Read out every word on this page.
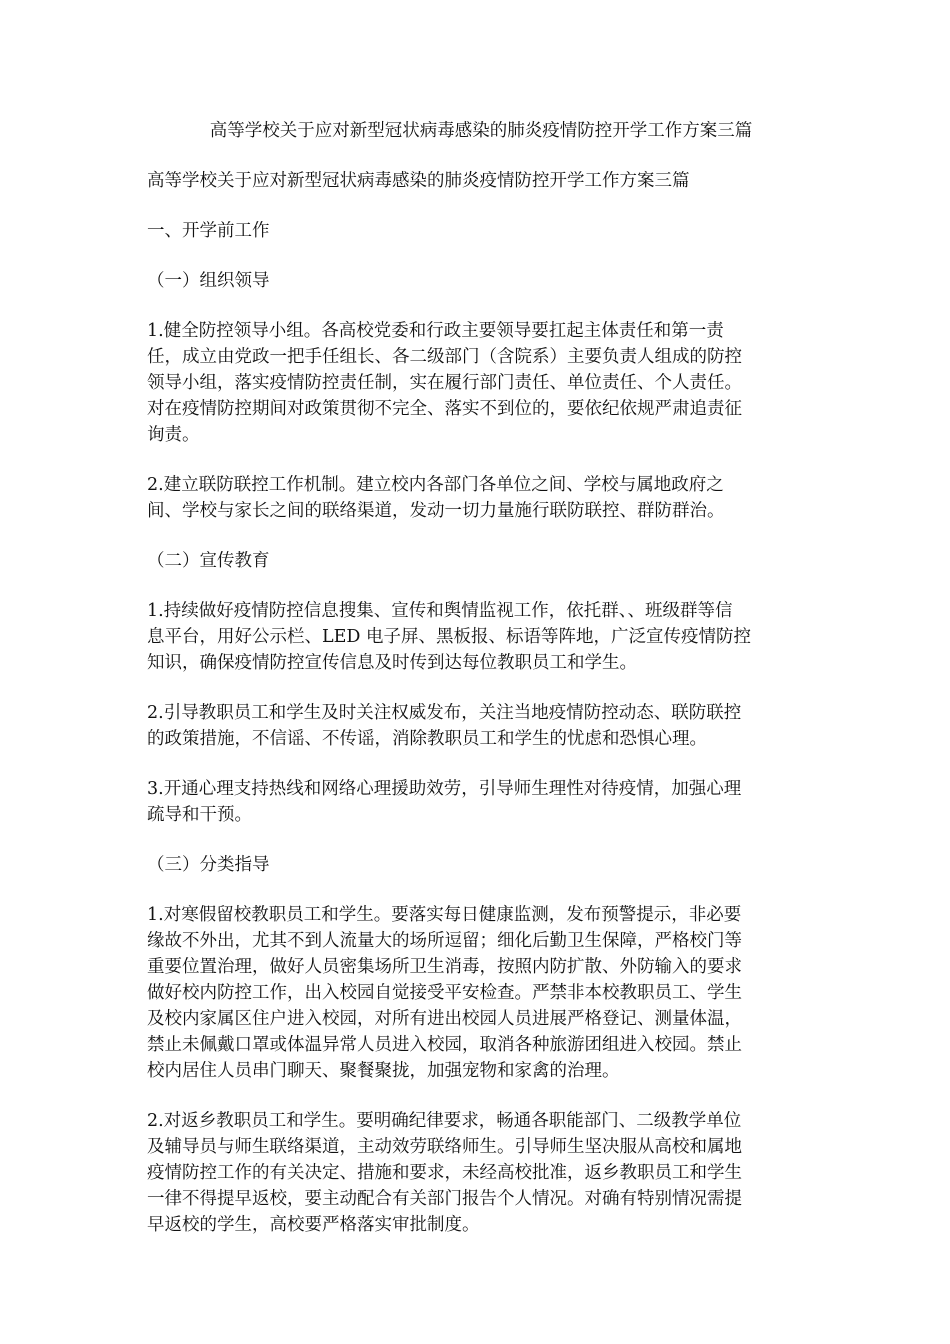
高等学校关于应对新型冠状病毒感染的肺炎疫情防控开学工作方案三篇
高等学校关于应对新型冠状病毒感染的肺炎疫情防控开学工作方案三篇
一、开学前工作
（一）组织领导
1.健全防控领导小组。各高校党委和行政主要领导要扛起主体责任和第一责
任，成立由党政一把手任组长、各二级部门（含院系）主要负责人组成的防控
领导小组，落实疫情防控责任制，实在履行部门责任、单位责任、个人责任。
对在疫情防控期间对政策贯彻不完全、落实不到位的，要依纪依规严肃追责征
询责。
2.建立联防联控工作机制。建立校内各部门各单位之间、学校与属地政府之
间、学校与家长之间的联络渠道，发动一切力量施行联防联控、群防群治。
（二）宣传教育
1.持续做好疫情防控信息搜集、宣传和舆情监视工作，依托群、、班级群等信
息平台，用好公示栏、LED 电子屏、黑板报、标语等阵地，广泛宣传疫情防控
知识，确保疫情防控宣传信息及时传到达每位教职员工和学生。
2.引导教职员工和学生及时关注权威发布，关注当地疫情防控动态、联防联控
的政策措施，不信谣、不传谣，消除教职员工和学生的忧虑和恐惧心理。
3.开通心理支持热线和网络心理援助效劳，引导师生理性对待疫情，加强心理
疏导和干预。
（三）分类指导
1.对寒假留校教职员工和学生。要落实每日健康监测，发布预警提示，非必要
缘故不外出，尤其不到人流量大的场所逗留；细化后勤卫生保障，严格校门等
重要位置治理，做好人员密集场所卫生消毒，按照内防扩散、外防输入的要求
做好校内防控工作，出入校园自觉接受平安检查。严禁非本校教职员工、学生
及校内家属区住户进入校园，对所有进出校园人员进展严格登记、测量体温，
禁止未佩戴口罩或体温异常人员进入校园，取消各种旅游团组进入校园。禁止
校内居住人员串门聊天、聚餐聚拢，加强宠物和家禽的治理。
2.对返乡教职员工和学生。要明确纪律要求，畅通各职能部门、二级教学单位
及辅导员与师生联络渠道，主动效劳联络师生。引导师生坚决服从高校和属地
疫情防控工作的有关决定、措施和要求，未经高校批准，返乡教职员工和学生
一律不得提早返校，要主动配合有关部门报告个人情况。对确有特别情况需提
早返校的学生，高校要严格落实审批制度。
